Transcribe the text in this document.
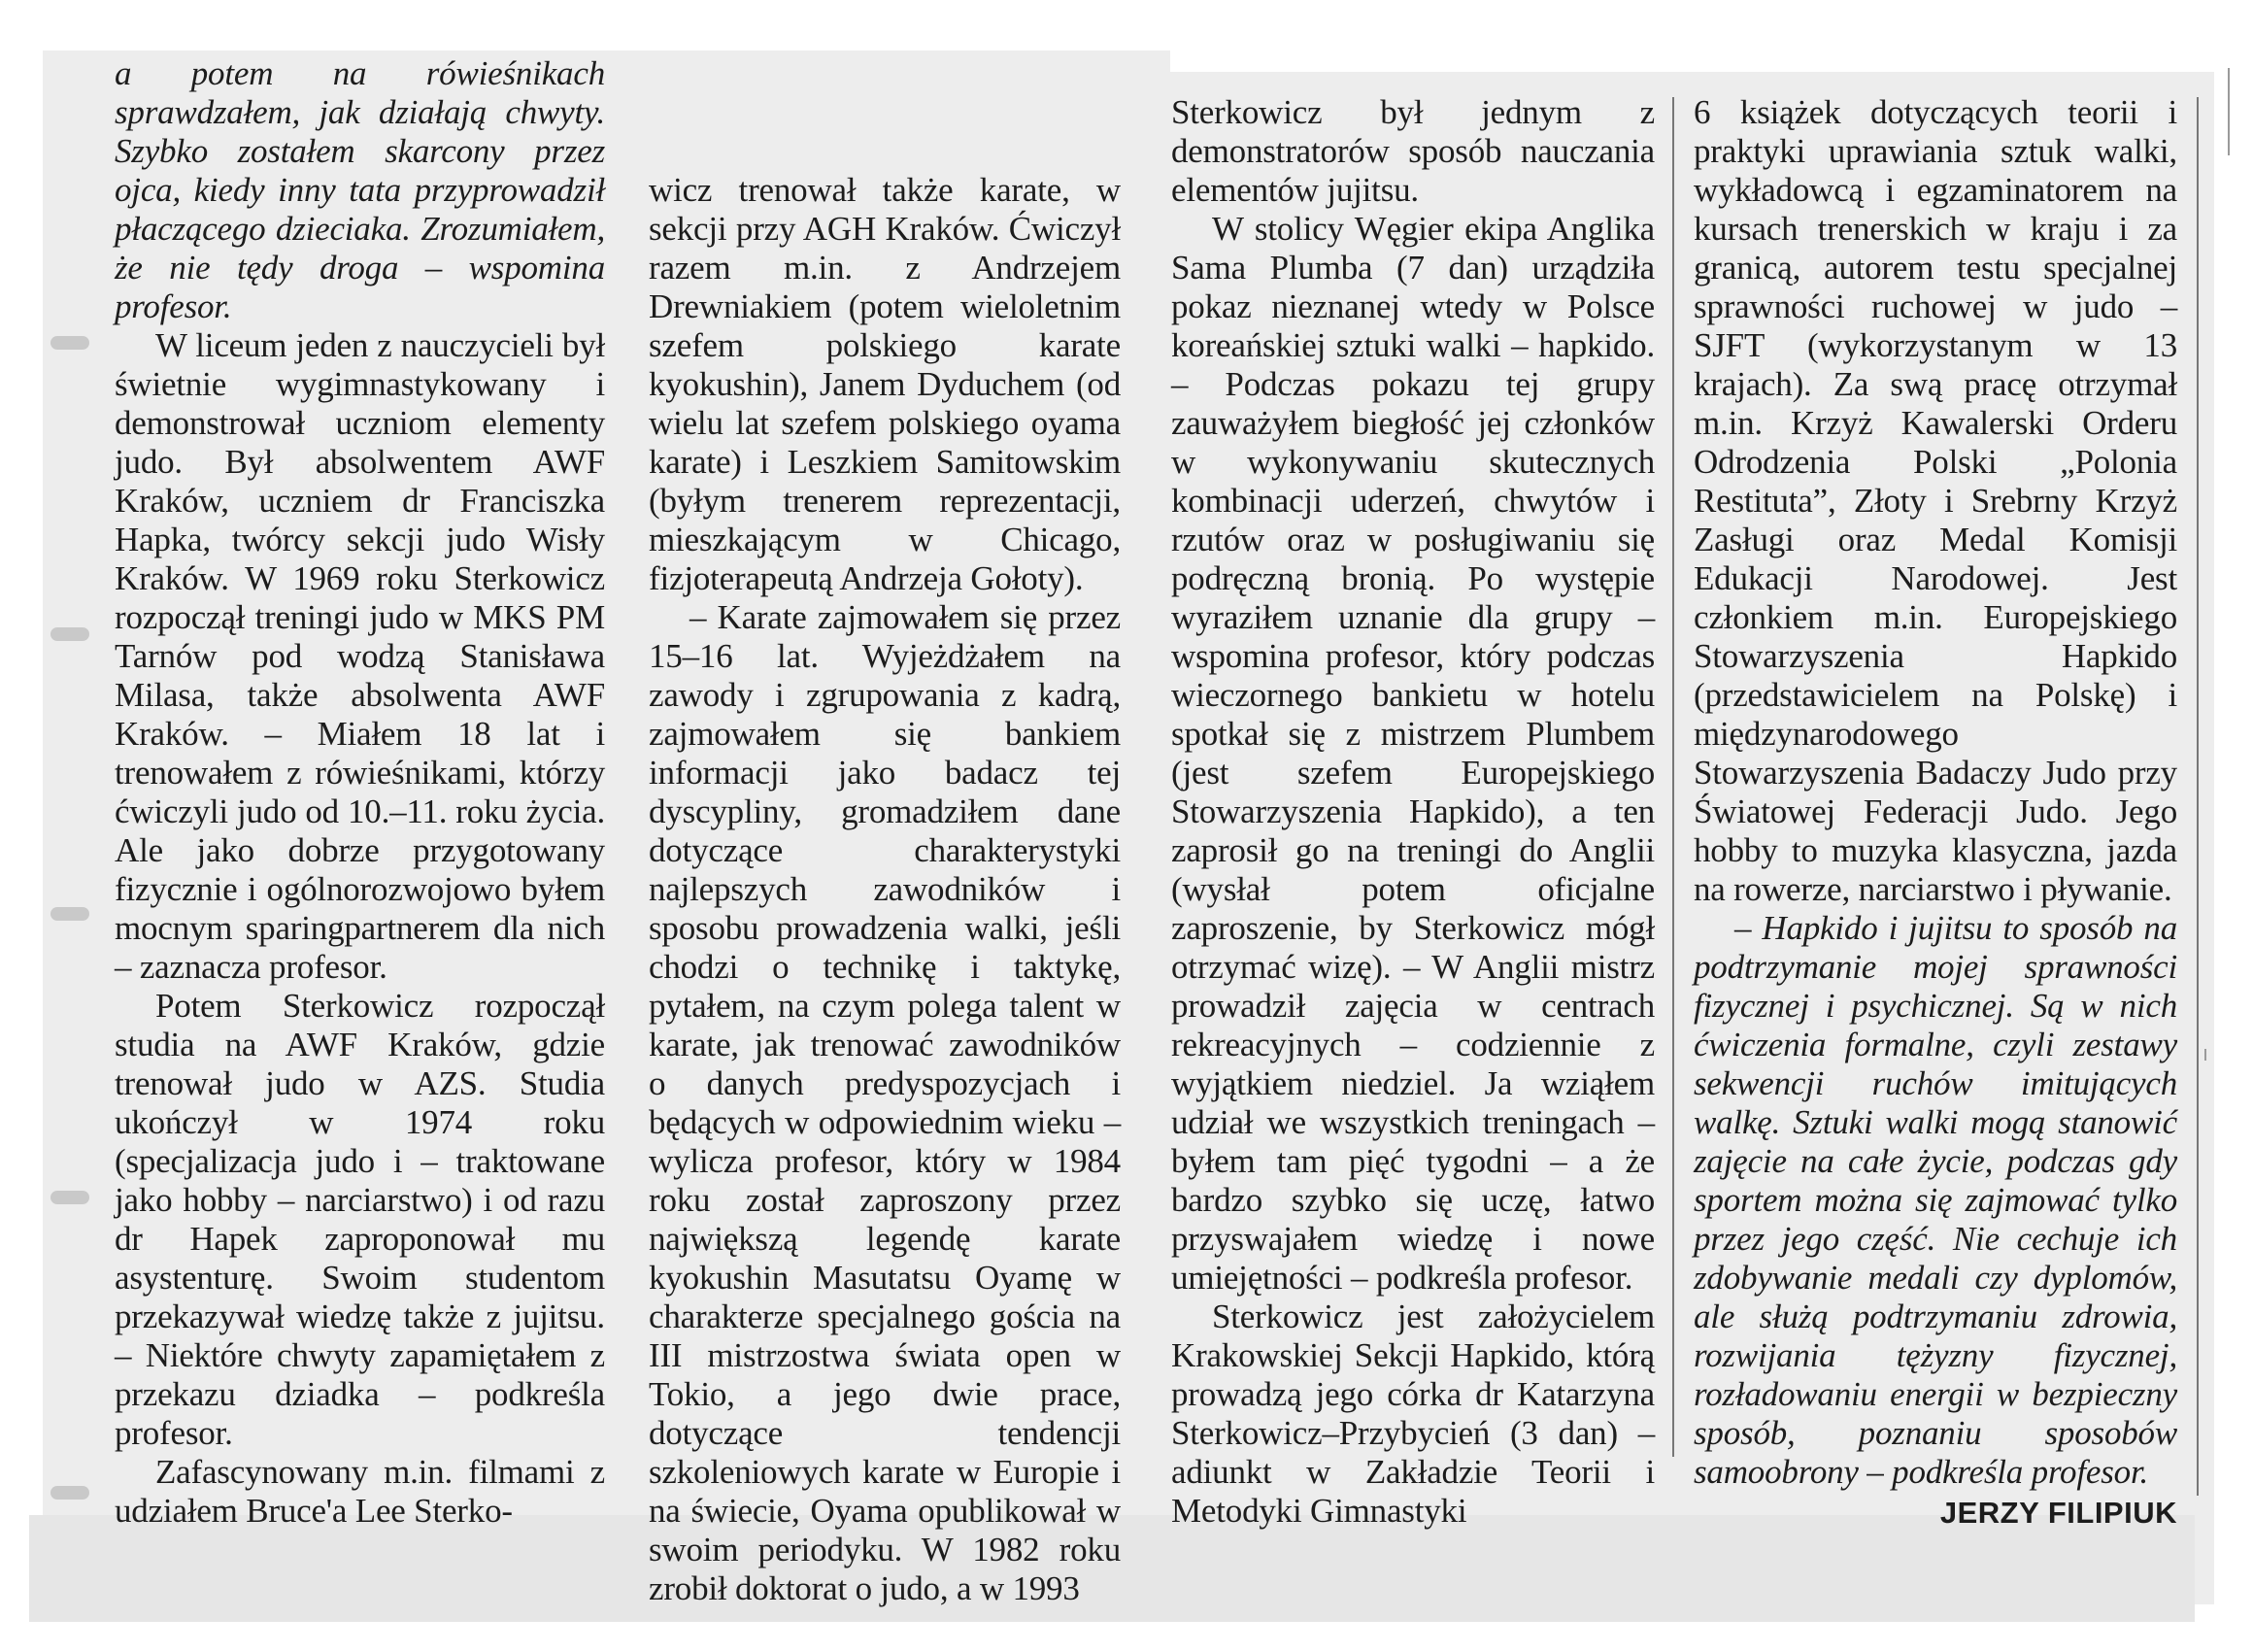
a potem na rówieśnikach sprawdzałem, jak działają chwyty. Szybko zostałem skarcony przez ojca, kiedy inny tata przyprowadził płaczącego dzieciaka. Zrozumiałem, że nie tędy droga – wspomina profesor.

W liceum jeden z nauczycieli był świetnie wygimnastykowany i demonstrował uczniom elementy judo. Był absolwentem AWF Kraków, uczniem dr Franciszka Hapka, twórcy sekcji judo Wisły Kraków. W 1969 roku Sterkowicz rozpoczął treningi judo w MKS PM Tarnów pod wodzą Stanisława Milasa, także absolwenta AWF Kraków. – Miałem 18 lat i trenowałem z rówieśnikami, którzy ćwiczyli judo od 10.–11. roku życia. Ale jako dobrze przygotowany fizycznie i ogólnorozwojowo byłem mocnym sparingpartnerem dla nich – zaznacza profesor.

Potem Sterkowicz rozpoczął studia na AWF Kraków, gdzie trenował judo w AZS. Studia ukończył w 1974 roku (specjalizacja judo i – traktowane jako hobby – narciarstwo) i od razu dr Hapek zaproponował mu asystenturę. Swoim studentom przekazywał wiedzę także z jujitsu. – Niektóre chwyty zapamiętałem z przekazu dziadka – podkreśla profesor.

Zafascynowany m.in. filmami z udziałem Bruce'a Lee Sterko-

wicz trenował także karate, w sekcji przy AGH Kraków. Ćwiczył razem m.in. z Andrzejem Drewniakiem (potem wieloletnim szefem polskiego karate kyokushin), Janem Dyduchem (od wielu lat szefem polskiego oyama karate) i Leszkiem Samitowskim (byłym trenerem reprezentacji, mieszkającym w Chicago, fizjoterapeutą Andrzeja Gołoty).

– Karate zajmowałem się przez 15–16 lat. Wyjeżdżałem na zawody i zgrupowania z kadrą, zajmowałem się bankiem informacji jako badacz tej dyscypliny, gromadziłem dane dotyczące charakterystyki najlepszych zawodników i sposobu prowadzenia walki, jeśli chodzi o technikę i taktykę, pytałem, na czym polega talent w karate, jak trenować zawodników o danych predyspozycjach i będących w odpowiednim wieku – wylicza profesor, który w 1984 roku został zaproszony przez największą legendę karate kyokushin Masutatsu Oyamę w charakterze specjalnego gościa na III mistrzostwa świata open w Tokio, a jego dwie prace, dotyczące tendencji szkoleniowych karate w Europie i na świecie, Oyama opublikował w swoim periodyku. W 1982 roku zrobił doktorat o judo, a w 1993

Sterkowicz był jednym z demonstratorów sposób nauczania elementów jujitsu.

W stolicy Węgier ekipa Anglika Sama Plumba (7 dan) urządziła pokaz nieznanej wtedy w Polsce koreańskiej sztuki walki – hapkido. – Podczas pokazu tej grupy zauważyłem biegłość jej członków w wykonywaniu skutecznych kombinacji uderzeń, chwytów i rzutów oraz w posługiwaniu się podręczną bronią. Po występie wyraziłem uznanie dla grupy – wspomina profesor, który podczas wieczornego bankietu w hotelu spotkał się z mistrzem Plumbem (jest szefem Europejskiego Stowarzyszenia Hapkido), a ten zaprosił go na treningi do Anglii (wysłał potem oficjalne zaproszenie, by Sterkowicz mógł otrzymać wizę). – W Anglii mistrz prowadził zajęcia w centrach rekreacyjnych – codziennie z wyjątkiem niedziel. Ja wziąłem udział we wszystkich treningach – byłem tam pięć tygodni – a że bardzo szybko się uczę, łatwo przyswajałem wiedzę i nowe umiejętności – podkreśla profesor.

Sterkowicz jest założycielem Krakowskiej Sekcji Hapkido, którą prowadzą jego córka dr Katarzyna Sterkowicz–Przybycień (3 dan) – adiunkt w Zakładzie Teorii i Metodyki Gimnastyki

6 książek dotyczących teorii i praktyki uprawiania sztuk walki, wykładowcą i egzaminatorem na kursach trenerskich w kraju i za granicą, autorem testu specjalnej sprawności ruchowej w judo – SJFT (wykorzystanym w 13 krajach). Za swą pracę otrzymał m.in. Krzyż Kawalerski Orderu Odrodzenia Polski „Polonia Restituta”, Złoty i Srebrny Krzyż Zasługi oraz Medal Komisji Edukacji Narodowej. Jest członkiem m.in. Europejskiego Stowarzyszenia Hapkido (przedstawicielem na Polskę) i międzynarodowego Stowarzyszenia Badaczy Judo przy Światowej Federacji Judo. Jego hobby to muzyka klasyczna, jazda na rowerze, narciarstwo i pływanie.

– Hapkido i jujitsu to sposób na podtrzymanie mojej sprawności fizycznej i psychicznej. Są w nich ćwiczenia formalne, czyli zestawy sekwencji ruchów imitujących walkę. Sztuki walki mogą stanowić zajęcie na całe życie, podczas gdy sportem można się zajmować tylko przez jego część. Nie cechuje ich zdobywanie medali czy dyplomów, ale służą podtrzymaniu zdrowia, rozwijania tężyzny fizycznej, rozładowaniu energii w bezpieczny sposób, poznaniu sposobów samoobrony – podkreśla profesor.

JERZY FILIPIUK
